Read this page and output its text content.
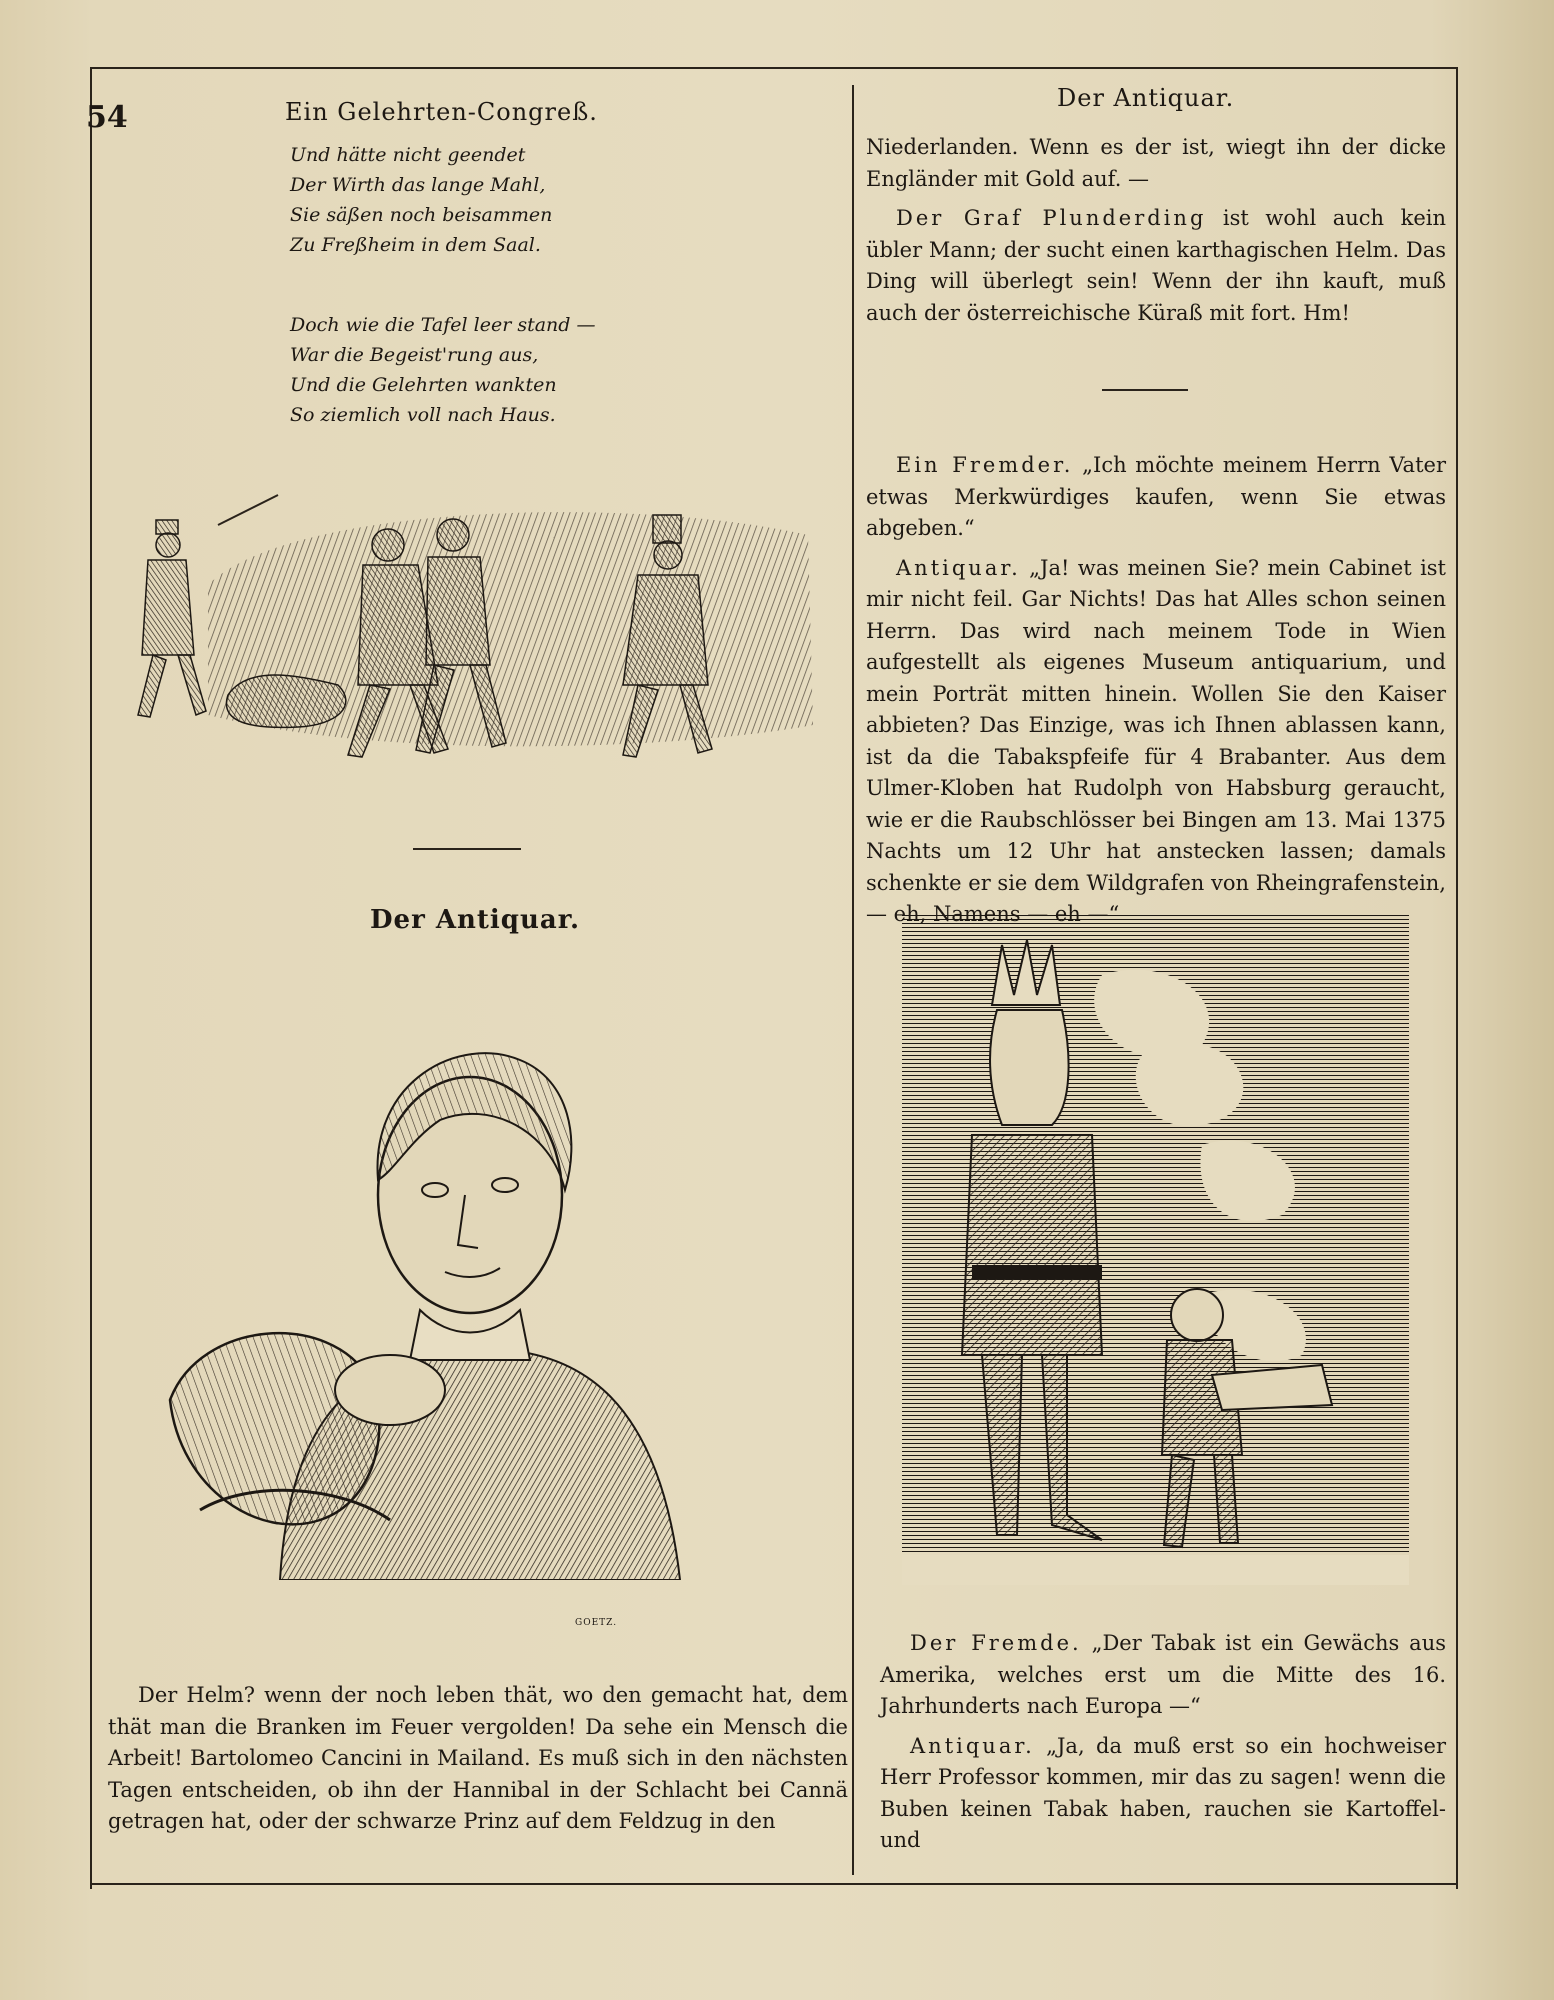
54	Ein Gelehrten-Congreß.	Der Antiquar.
Und hätte nicht geendet
Der Wirth das lange Mahl,
Sie säßen noch beisammen
Zu Freßheim in dem Saal.
Doch wie die Tafel leer stand —
War die Begeist'rung aus,
Und die Gelehrten wankten
So ziemlich voll nach Haus.
Der Antiquar.
GOETZ.

Der Helm? wenn der noch leben thät, wo den gemacht hat, dem thät man die Branken im Feuer vergolden! Da sehe ein Mensch die Arbeit! Bartolomeo Cancini in Mailand. Es muß sich in den nächsten Tagen entscheiden, ob ihn der Hannibal in der Schlacht bei Cannä getragen hat, oder der schwarze Prinz auf dem Feldzug in den

Niederlanden. Wenn es der ist, wiegt ihn der dicke Engländer mit Gold auf. —

Der Graf Plunderding ist wohl auch kein übler Mann; der sucht einen karthagischen Helm. Das Ding will überlegt sein! Wenn der ihn kauft, muß auch der österreichische Küraß mit fort. Hm!

Ein Fremder. „Ich möchte meinem Herrn Vater etwas Merkwürdiges kaufen, wenn Sie etwas abgeben.“

Antiquar. „Ja! was meinen Sie? mein Cabinet ist mir nicht feil. Gar Nichts! Das hat Alles schon seinen Herrn. Das wird nach meinem Tode in Wien aufgestellt als eigenes Museum antiquarium, und mein Porträt mitten hinein. Wollen Sie den Kaiser abbieten? Das Einzige, was ich Ihnen ablassen kann, ist da die Tabakspfeife für 4 Brabanter. Aus dem Ulmer-Kloben hat Rudolph von Habsburg geraucht, wie er die Raubschlösser bei Bingen am 13. Mai 1375 Nachts um 12 Uhr hat anstecken lassen; damals schenkte er sie dem Wildgrafen von Rheingrafenstein, — eh, Namens — eh —“

Der Fremde. „Der Tabak ist ein Gewächs aus Amerika, welches erst um die Mitte des 16. Jahrhunderts nach Europa —“

Antiquar. „Ja, da muß erst so ein hochweiser Herr Professor kommen, mir das zu sagen! wenn die Buben keinen Tabak haben, rauchen sie Kartoffel- und
